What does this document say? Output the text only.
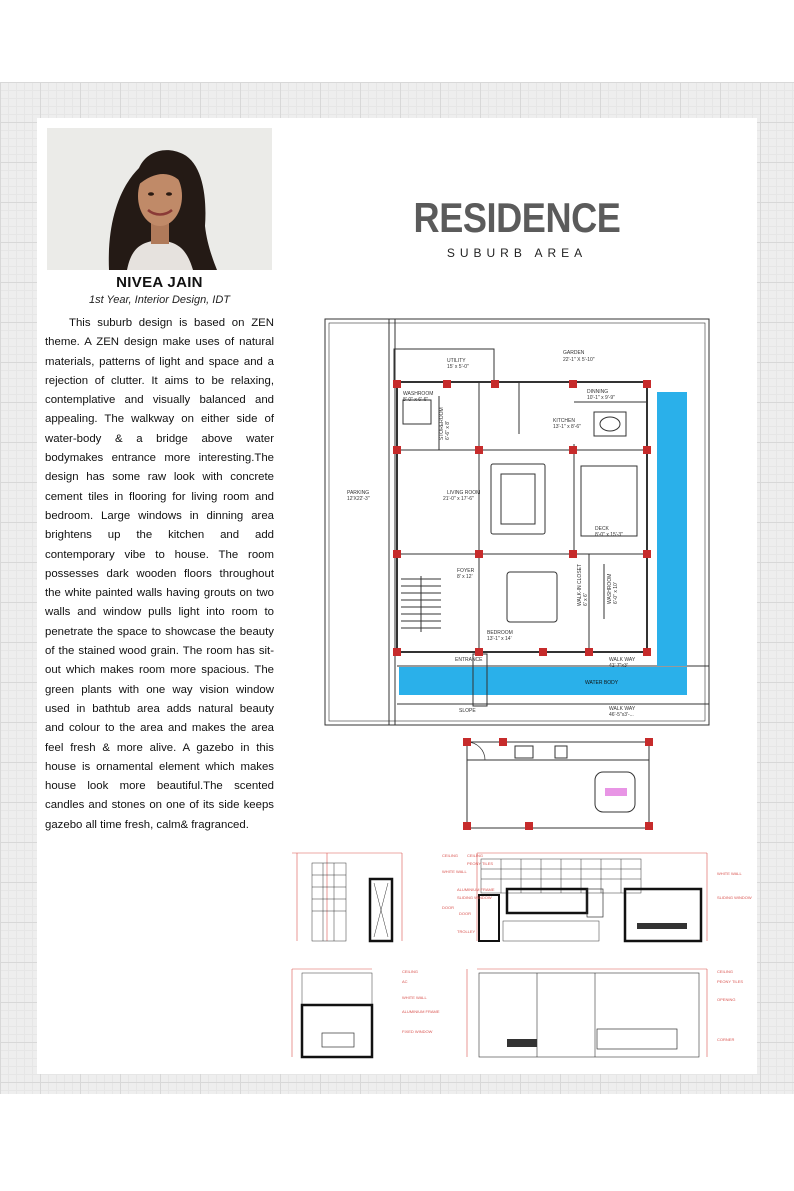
NIVEA JAIN
1st Year, Interior Design, IDT

This suburb design is based on ZEN theme. A ZEN design make uses of natural materials, patterns of light and space and a rejection of clutter. It aims to be relaxing, contemplative and visually balanced and appealing. The walkway on either side of water-body & a bridge above water bodymakes entrance more interesting.The design has some raw look with concrete cement tiles in flooring for living room and bedroom. Large windows in dinning area brightens up the kitchen and add contemporary vibe to house. The room possesses dark wooden floors throughout the white painted walls having grouts on two walls and window pulls light into room to penetrate the space to showcase the beauty of the stained wood grain. The room has sit-out which makes room more spacious. The green plants with one way vision window used in bathtub area adds natural beauty and colour to the area and makes the area feel fresh & more alive. A gazebo in this house is ornamental element which makes house look more beautiful.The scented candles and stones on one of its side keeps gazebo all time fresh, calm& fragranced.

RESIDENCE
SUBURB AREA
UTILITY
15' x 5'-0"
GARDEN
22'-1" X 5'-10"
WASHROOM
8'-0" x 6'-6"
STOREROOM 6'-6" x 8'
DINNING
10'-1" x 9'-9"
KITCHEN
13'-1" x 8'-6"
PARKING
12'X22'-3"
LIVING ROOM
21'-0" x 17'-6"
DECK
8'-0" x 15'-3"
FOYER
8' x 12'	WALK-IN CLOSET 6' x 6'	WASHROOM 6'-0" x 10'
BEDROOM
13'-1" x 14'
ENTRANCE	WALK WAY
41' 7"x3'
WATER BODY
SLOPE	WALK WAY
46'-5"x3'-...
CEILING
WHITE WALL
DOOR
CEILING
PEONY TILES
ALUMINIUM FRAME
SLIDING WINDOW
DOOR
TROLLEY
WHITE WALL
SLIDING WINDOW
CEILING
AC
WHITE WALL
ALUMINIUM FRAME
FIXED WINDOW
CEILING
PEONY TILES
OPENING
CORNER
